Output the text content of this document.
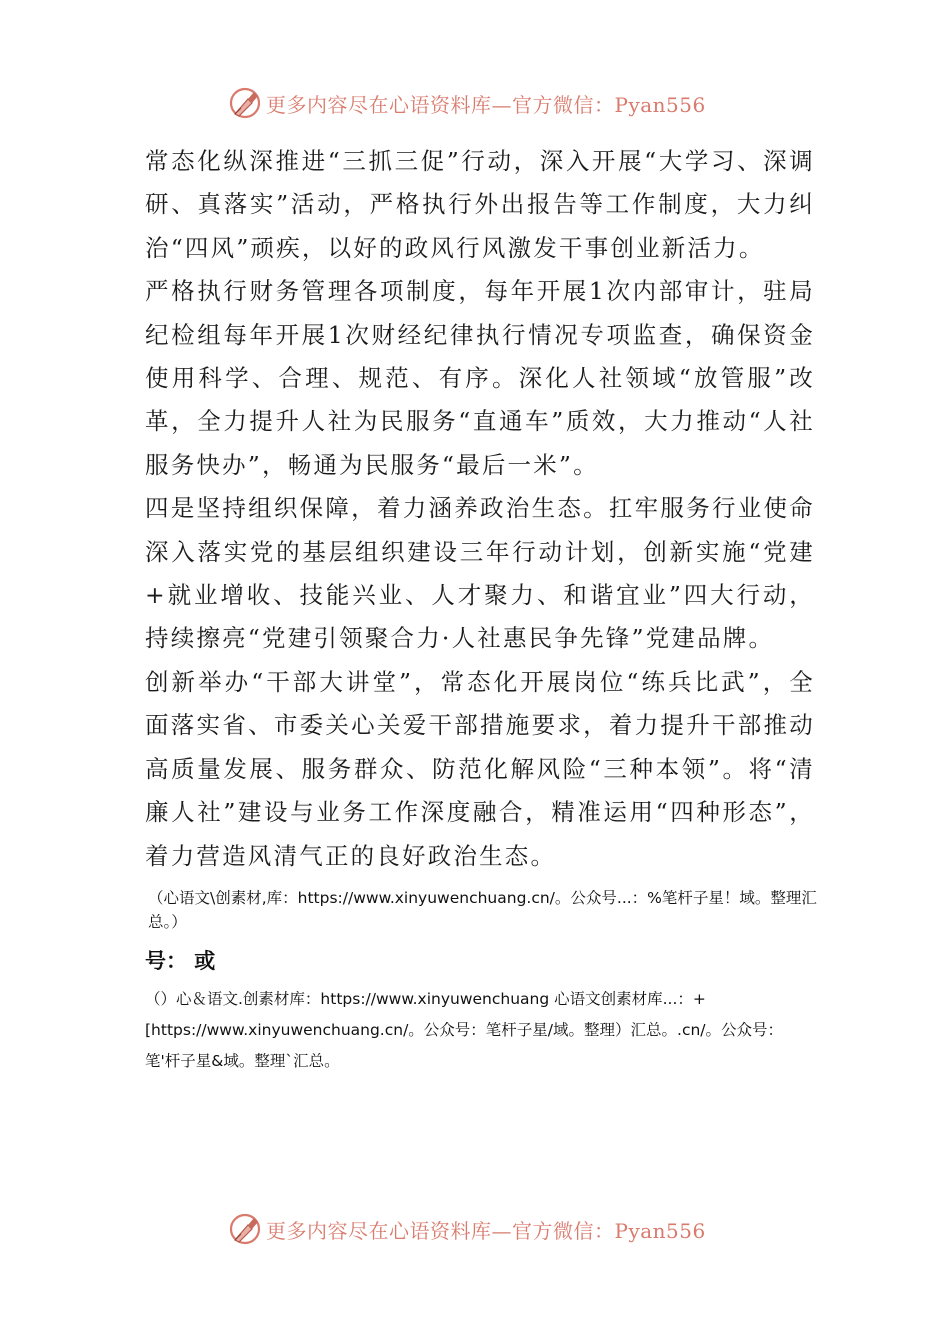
更多内容尽在心语资料库—官方微信：Pyan556

常态化纵深推进“三抓三促”行动，深入开展“大学习、深调研、真落实”活动，严格执行外出报告等工作制度，大力纠治“四风”顽疾，以好的政风行风激发干事创业新活力。

严格执行财务管理各项制度，每年开展1次内部审计，驻局纪检组每年开展1次财经纪律执行情况专项监查，确保资金使用科学、合理、规范、有序。深化人社领域“放管服”改革，全力提升人社为民服务“直通车”质效，大力推动“人社服务快办”，畅通为民服务“最后一米”。

四是坚持组织保障，着力涵养政治生态。扛牢服务行业使命深入落实党的基层组织建设三年行动计划，创新实施“党建+就业增收、技能兴业、人才聚力、和谐宜业”四大行动，持续擦亮“党建引领聚合力·人社惠民争先锋”党建品牌。

创新举办“干部大讲堂”，常态化开展岗位“练兵比武”，全面落实省、市委关心关爱干部措施要求，着力提升干部推动高质量发展、服务群众、防范化解风险“三种本领”。将“清廉人社”建设与业务工作深度融合，精准运用“四种形态”，着力营造风清气正的良好政治生态。

（心语文\创素材,库：https://www.xinyuwenchuang.cn/。公众号...：%笔杆子星！域。整理汇总。）
号： 或
（）心＆语文.创素材库：https://www.xinyuwenchuang 心语文创素材库...：+[https://www.xinyuwenchuang.cn/。公众号：笔杆子星/域。整理）汇总。.cn/。公众号：笔'杆子星&域。整理`汇总。
更多内容尽在心语资料库—官方微信：Pyan556
